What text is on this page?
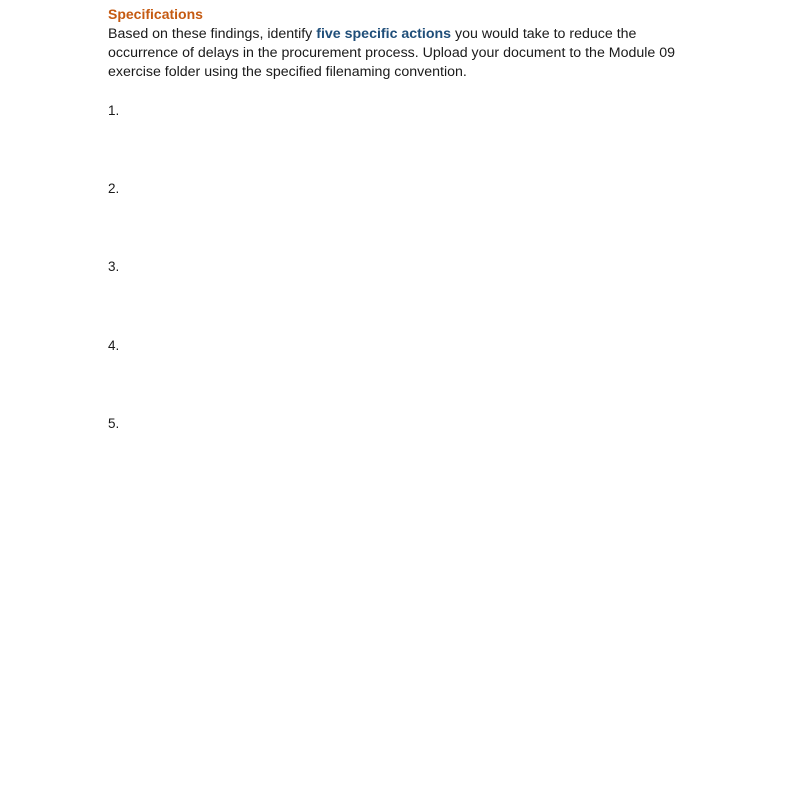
Specifications

Based on these findings, identify five specific actions you would take to reduce the occurrence of delays in the procurement process. Upload your document to the Module 09 exercise folder using the specified filenaming convention.

1.
2.
3.
4.
5.
